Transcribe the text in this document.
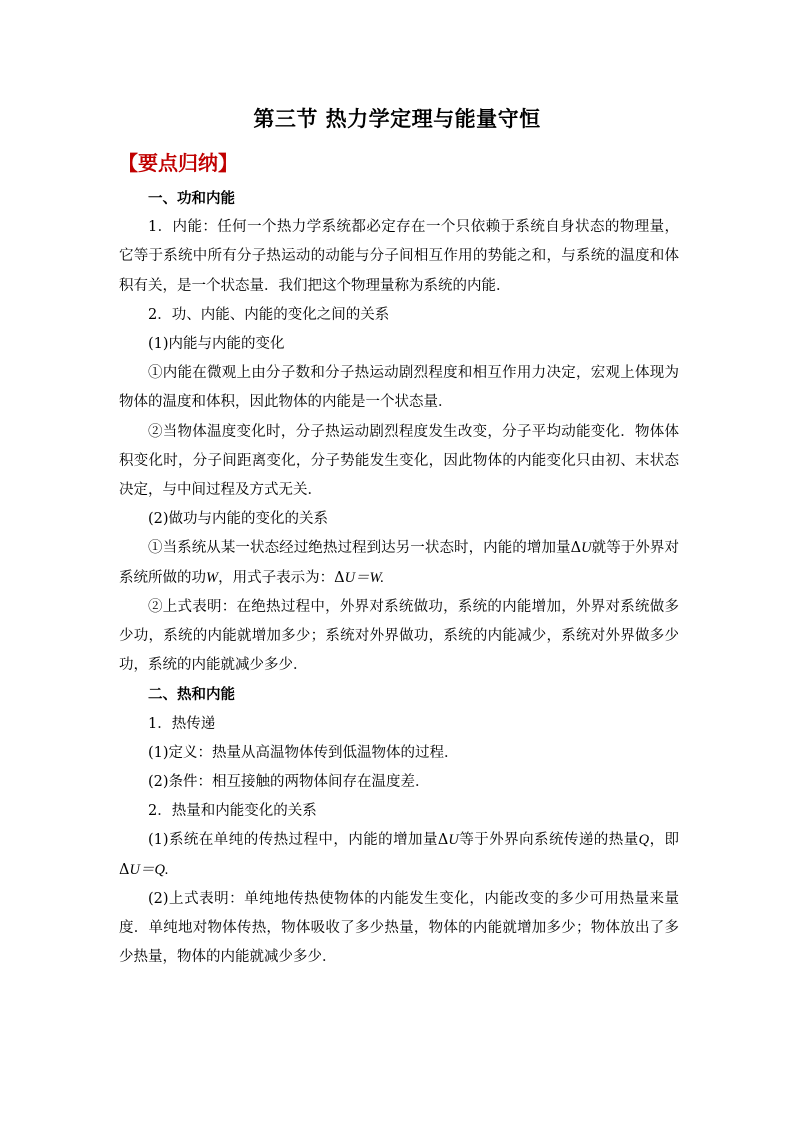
第三节 热力学定理与能量守恒
【要点归纳】

一、功和内能

1．内能：任何一个热力学系统都必定存在一个只依赖于系统自身状态的物理量，它等于系统中所有分子热运动的动能与分子间相互作用的势能之和，与系统的温度和体积有关，是一个状态量．我们把这个物理量称为系统的内能．

2．功、内能、内能的变化之间的关系

(1)内能与内能的变化

①内能在微观上由分子数和分子热运动剧烈程度和相互作用力决定，宏观上体现为物体的温度和体积，因此物体的内能是一个状态量．

②当物体温度变化时，分子热运动剧烈程度发生改变，分子平均动能变化．物体体积变化时，分子间距离变化，分子势能发生变化，因此物体的内能变化只由初、末状态决定，与中间过程及方式无关．

(2)做功与内能的变化的关系

①当系统从某一状态经过绝热过程到达另一状态时，内能的增加量ΔU就等于外界对系统所做的功W，用式子表示为：ΔU＝W.

②上式表明：在绝热过程中，外界对系统做功，系统的内能增加，外界对系统做多少功，系统的内能就增加多少；系统对外界做功，系统的内能减少，系统对外界做多少功，系统的内能就减少多少．

二、热和内能

1．热传递

(1)定义：热量从高温物体传到低温物体的过程．

(2)条件：相互接触的两物体间存在温度差．

2．热量和内能变化的关系

(1)系统在单纯的传热过程中，内能的增加量ΔU等于外界向系统传递的热量Q，即ΔU＝Q.

(2)上式表明：单纯地传热使物体的内能发生变化，内能改变的多少可用热量来量度．单纯地对物体传热，物体吸收了多少热量，物体的内能就增加多少；物体放出了多少热量，物体的内能就减少多少．
